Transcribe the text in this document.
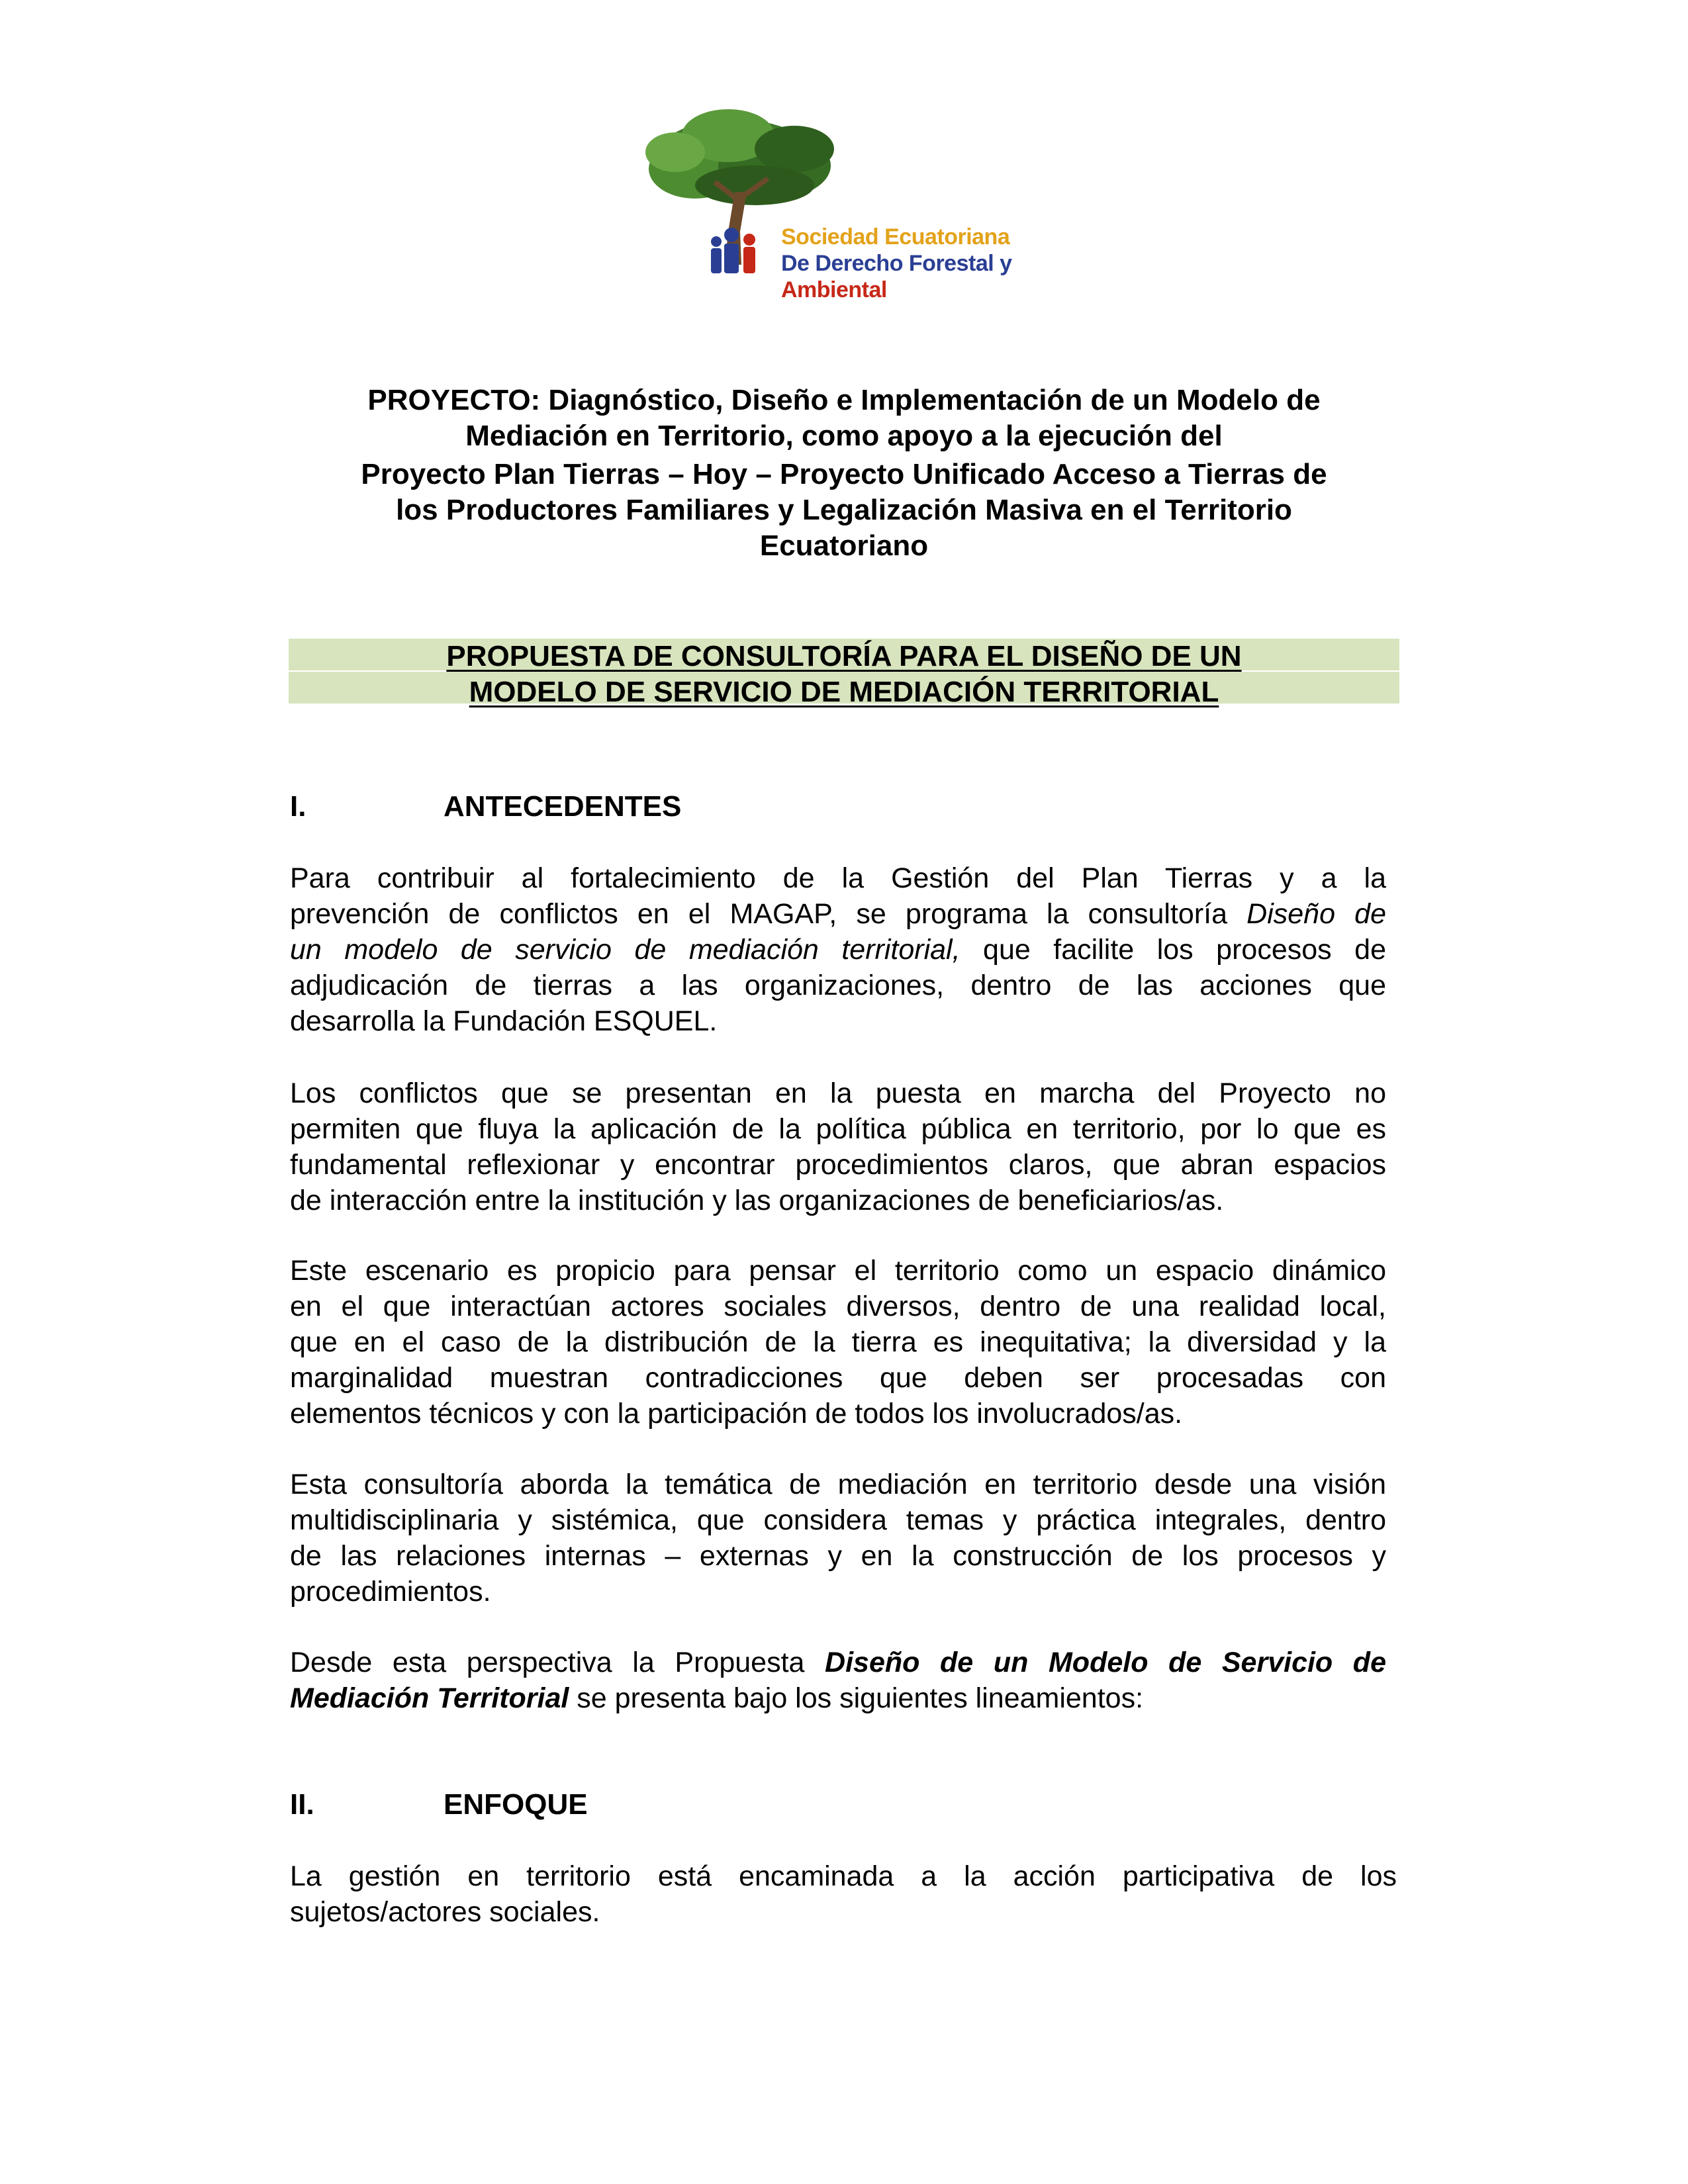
Sociedad Ecuatoriana
De Derecho Forestal y
Ambiental
PROYECTO: Diagnóstico, Diseño e Implementación de un Modelo de
Mediación en Territorio, como apoyo a la ejecución del
Proyecto Plan Tierras – Hoy – Proyecto Unificado Acceso a Tierras de
los Productores Familiares y Legalización Masiva en el Territorio
Ecuatoriano
PROPUESTA DE CONSULTORÍA PARA EL DISEÑO DE UN
MODELO DE SERVICIO DE MEDIACIÓN TERRITORIAL
I.	ANTECEDENTES
Para contribuir al fortalecimiento de la Gestión del Plan Tierras y a la
prevención de conflictos en el MAGAP, se programa la consultoría Diseño de
un modelo de servicio de mediación territorial, que facilite los procesos de
adjudicación de tierras a las organizaciones, dentro de las acciones que
desarrolla la Fundación ESQUEL.
Los conflictos que se presentan en la puesta en marcha del Proyecto no
permiten que fluya la aplicación de la política pública en territorio, por lo que es
fundamental reflexionar y encontrar procedimientos claros, que abran espacios
de interacción entre la institución y las organizaciones de beneficiarios/as.
Este escenario es propicio para pensar el territorio como un espacio dinámico
en el que interactúan actores sociales diversos, dentro de una realidad local,
que en el caso de la distribución de la tierra es inequitativa; la diversidad y la
marginalidad muestran contradicciones que deben ser procesadas con
elementos técnicos y con la participación de todos los involucrados/as.
Esta consultoría aborda la temática de mediación en territorio desde una visión
multidisciplinaria y sistémica, que considera temas y práctica integrales, dentro
de las relaciones internas – externas y en la construcción de los procesos y
procedimientos.
Desde esta perspectiva la Propuesta Diseño de un Modelo de Servicio de
Mediación Territorial se presenta bajo los siguientes lineamientos:
II.	ENFOQUE
La gestión en territorio está encaminada a la acción participativa de los
sujetos/actores sociales.
